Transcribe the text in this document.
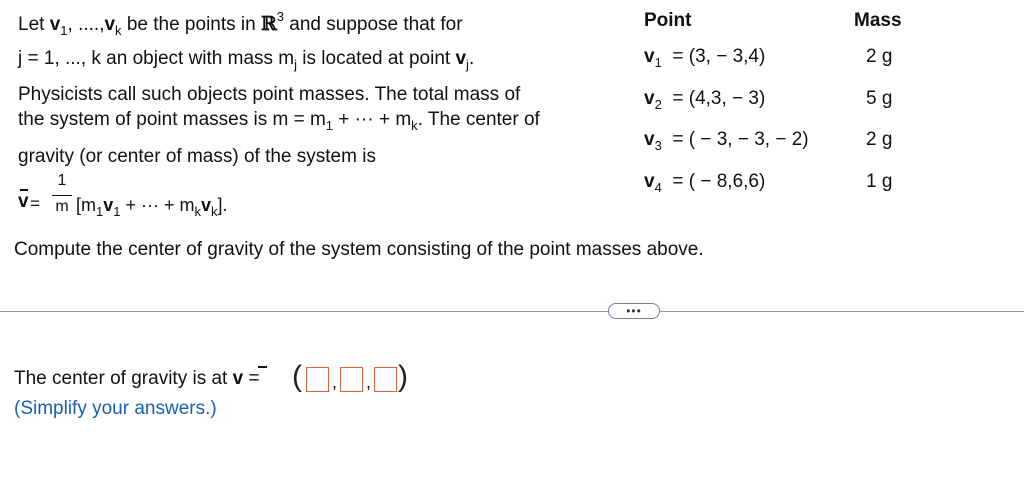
Let $v_1$, $....,v_k$ be the points in ℝ$^3$ and suppose that for
j = 1, ..., k an object with mass $m_j$ is located at point $v_j$.
Physicists call such objects point masses. The total mass of
the system of point masses is $m = m_1$ + ··· + $m_k$. The center of
gravity (or center of mass) of the system is
v =
1
m [$m_1v_1$ + ··· + $m_kv_k$].
Compute the center of gravity of the system consisting of the point masses above.
Point	Mass
$v_1 = (3$, − 3,4)	2 g
$v_2 = (4,3$, − 3)	5 g
$v_3$ = ( − 3, − 3, − 2)	2 g
$v_4$ = ( − 8,6,6)	1 g
•••
The center of gravity is at v = ( , , )
(Simplify your answers.)
